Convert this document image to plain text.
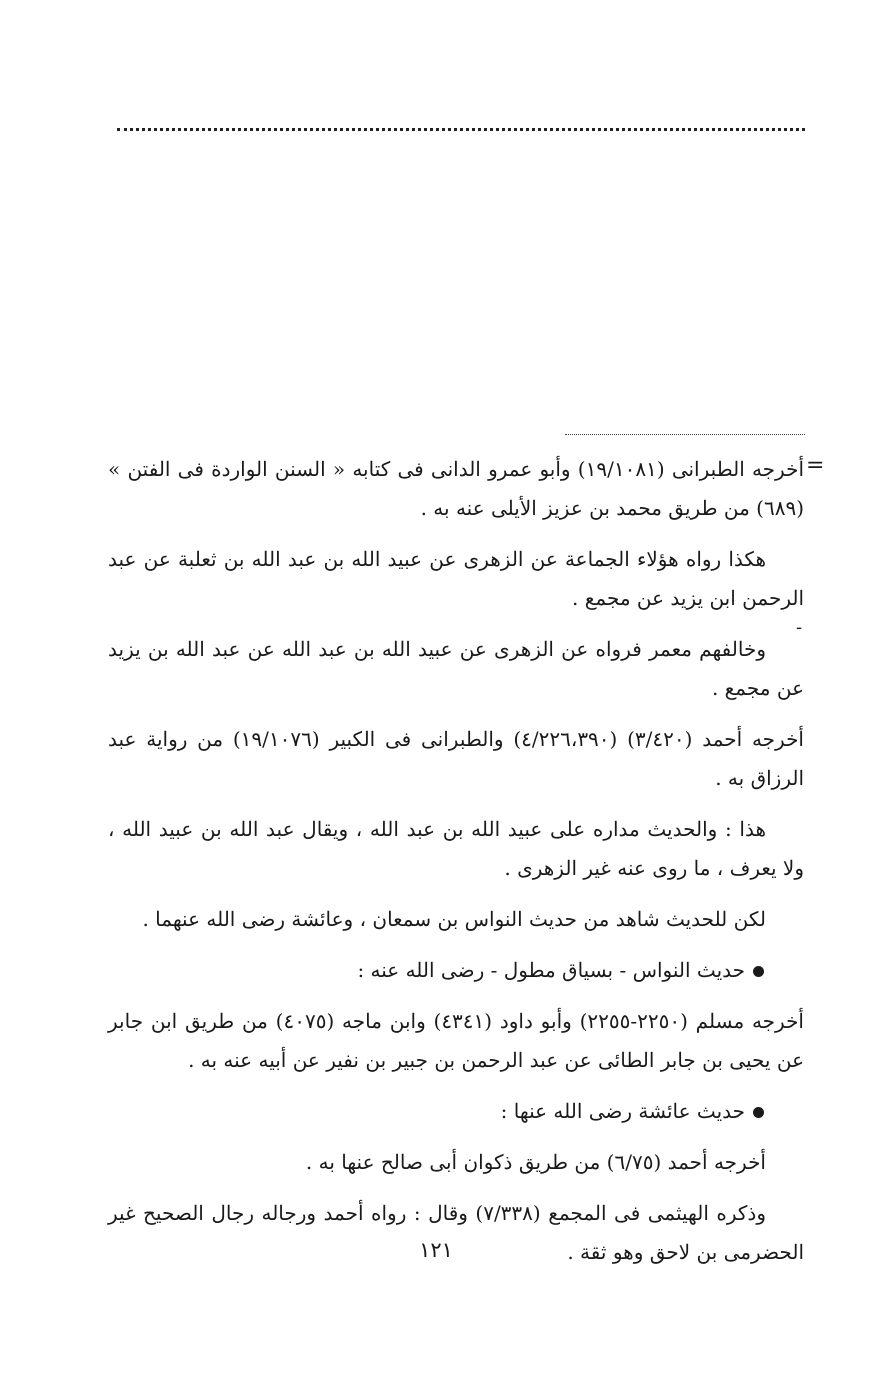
=
-

أخرجه الطبرانى (١٩/١٠٨١) وأبو عمرو الدانى فى كتابه « السنن الواردة فى الفتن » (٦٨٩) من طريق محمد بن عزيز الأيلى عنه به .

هكذا رواه هؤلاء الجماعة عن الزهرى عن عبيد الله بن عبد الله بن ثعلبة عن عبد الرحمن ابن يزيد عن مجمع .

وخالفهم معمر فرواه عن الزهرى عن عبيد الله بن عبد الله عن عبد الله بن يزيد عن مجمع .

أخرجه أحمد (٣/٤٢٠) (٤/٢٢٦،٣٩٠) والطبرانى فى الكبير (١٩/١٠٧٦) من رواية عبد الرزاق به .

هذا : والحديث مداره على عبيد الله بن عبد الله ، ويقال عبد الله بن عبيد الله ، ولا يعرف ، ما روى عنه غير الزهرى .

لكن للحديث شاهد من حديث النواس بن سمعان ، وعائشة رضى الله عنهما .

حديث النواس - بسياق مطول - رضى الله عنه :

أخرجه مسلم (٢٢٥٠-٢٢٥٥) وأبو داود (٤٣٤١) وابن ماجه (٤٠٧٥) من طريق ابن جابر عن يحيى بن جابر الطائى عن عبد الرحمن بن جبير بن نفير عن أبيه عنه به .

حديث عائشة رضى الله عنها :

أخرجه أحمد (٦/٧٥) من طريق ذكوان أبى صالح عنها به .

وذكره الهيثمى فى المجمع (٧/٣٣٨) وقال : رواه أحمد ورجاله رجال الصحيح غير الحضرمى بن لاحق وهو ثقة .

١٢١
